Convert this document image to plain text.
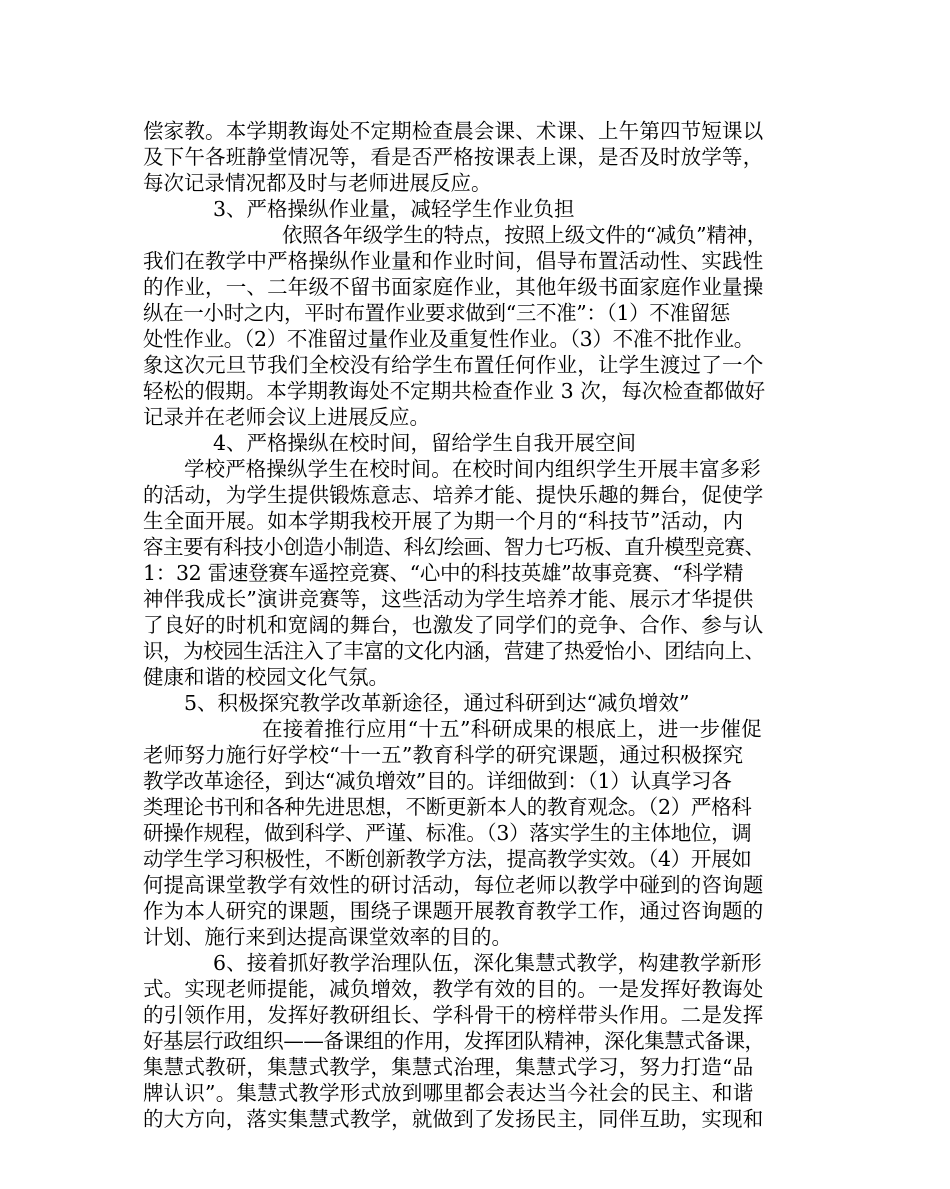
偿家教。本学期教诲处不定期检查晨会课、术课、上午第四节短课以

及下午各班静堂情况等，看是否严格按课表上课，是否及时放学等，

每次记录情况都及时与老师进展反应。

3、严格操纵作业量，减轻学生作业负担

依照各年级学生的特点，按照上级文件的“减负”精神，

我们在教学中严格操纵作业量和作业时间，倡导布置活动性、实践性

的作业，一、二年级不留书面家庭作业，其他年级书面家庭作业量操

纵在一小时之内，平时布置作业要求做到“三不准”：（1）不准留惩

处性作业。（2）不准留过量作业及重复性作业。（3）不准不批作业。

象这次元旦节我们全校没有给学生布置任何作业，让学生渡过了一个

轻松的假期。本学期教诲处不定期共检查作业 3 次，每次检查都做好

记录并在老师会议上进展反应。

4、严格操纵在校时间，留给学生自我开展空间

学校严格操纵学生在校时间。在校时间内组织学生开展丰富多彩

的活动，为学生提供锻炼意志、培养才能、提快乐趣的舞台，促使学

生全面开展。如本学期我校开展了为期一个月的“科技节”活动，内

容主要有科技小创造小制造、科幻绘画、智力七巧板、直升模型竞赛、

1：32 雷速登赛车遥控竞赛、“心中的科技英雄”故事竞赛、“科学精

神伴我成长”演讲竞赛等，这些活动为学生培养才能、展示才华提供

了良好的时机和宽阔的舞台，也激发了同学们的竞争、合作、参与认

识，为校园生活注入了丰富的文化内涵，营建了热爱怡小、团结向上、

健康和谐的校园文化气氛。

5、积极探究教学改革新途径，通过科研到达“减负增效”

在接着推行应用“十五”科研成果的根底上，进一步催促

老师努力施行好学校“十一五”教育科学的研究课题，通过积极探究

教学改革途径，到达“减负增效”目的。详细做到：（1）认真学习各

类理论书刊和各种先进思想，不断更新本人的教育观念。（2）严格科

研操作规程，做到科学、严谨、标准。（3）落实学生的主体地位，调

动学生学习积极性，不断创新教学方法，提高教学实效。（4）开展如

何提高课堂教学有效性的研讨活动，每位老师以教学中碰到的咨询题

作为本人研究的课题，围绕子课题开展教育教学工作，通过咨询题的

计划、施行来到达提高课堂效率的目的。

6、接着抓好教学治理队伍，深化集慧式教学，构建教学新形

式。实现老师提能，减负增效，教学有效的目的。一是发挥好教诲处

的引领作用，发挥好教研组长、学科骨干的榜样带头作用。二是发挥

好基层行政组织——备课组的作用，发挥团队精神，深化集慧式备课，

集慧式教研，集慧式教学，集慧式治理，集慧式学习，努力打造“品

牌认识”。集慧式教学形式放到哪里都会表达当今社会的民主、和谐

的大方向，落实集慧式教学，就做到了发扬民主，同伴互助，实现和
